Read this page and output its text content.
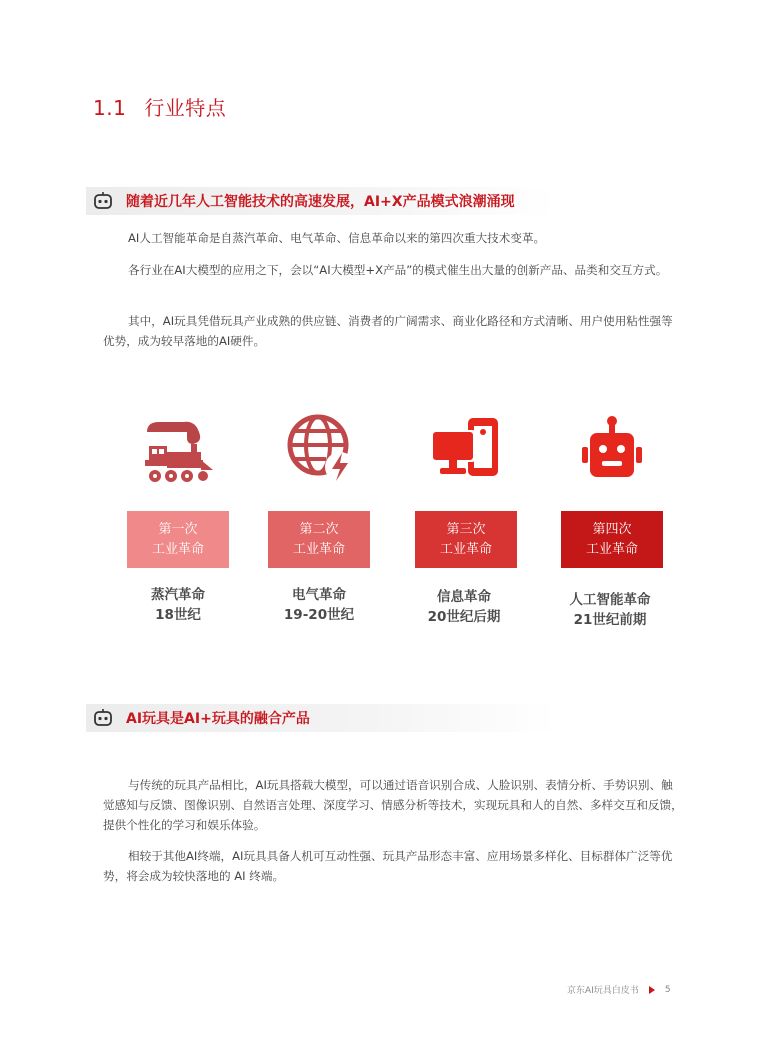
1.1 行业特点
随着近几年人工智能技术的高速发展，AI+X产品模式浪潮涌现

AI人工智能革命是自蒸汽革命、电气革命、信息革命以来的第四次重大技术变革。

各行业在AI大模型的应用之下，会以“AI大模型+X产品”的模式催生出大量的创新产品、品类和交互方式。

其中，AI玩具凭借玩具产业成熟的供应链、消费者的广阔需求、商业化路径和方式清晰、用户使用粘性强等优势，成为较早落地的AI硬件。

第一次
工业革命
第二次
工业革命
第三次
工业革命
第四次
工业革命
蒸汽革命
18世纪
电气革命
19-20世纪
信息革命
20世纪后期
人工智能革命
21世纪前期
AI玩具是AI+玩具的融合产品

与传统的玩具产品相比，AI玩具搭载大模型，可以通过语音识别合成、人脸识别、表情分析、手势识别、触觉感知与反馈、图像识别、自然语言处理、深度学习、情感分析等技术，实现玩具和人的自然、多样交互和反馈，提供个性化的学习和娱乐体验。

相较于其他AI终端，AI玩具具备人机可互动性强、玩具产品形态丰富、应用场景多样化、目标群体广泛等优势，将会成为较快落地的 AI 终端。

京东AI玩具白皮书	5
